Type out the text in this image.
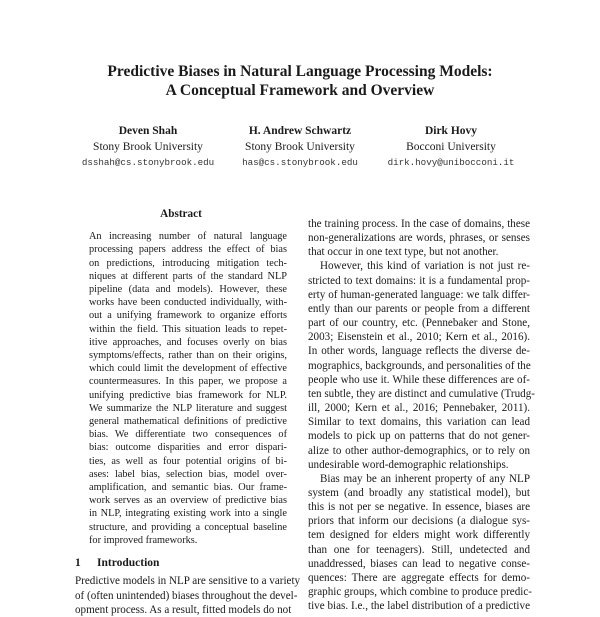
Predictive Biases in Natural Language Processing Models:
A Conceptual Framework and Overview
Deven Shah
Stony Brook University
dsshah@cs.stonybrook.edu
H. Andrew Schwartz
Stony Brook University
has@cs.stonybrook.edu
Dirk Hovy
Bocconi University
dirk.hovy@unibocconi.it
Abstract
An increasing number of natural language
processing papers address the effect of bias
on predictions, introducing mitigation tech-
niques at different parts of the standard NLP
pipeline (data and models). However, these
works have been conducted individually, with-
out a unifying framework to organize efforts
within the field. This situation leads to repet-
itive approaches, and focuses overly on bias
symptoms/effects, rather than on their origins,
which could limit the development of effective
countermeasures. In this paper, we propose a
unifying predictive bias framework for NLP.
We summarize the NLP literature and suggest
general mathematical definitions of predictive
bias. We differentiate two consequences of
bias: outcome disparities and error dispari-
ties, as well as four potential origins of bi-
ases: label bias, selection bias, model over-
amplification, and semantic bias. Our frame-
work serves as an overview of predictive bias
in NLP, integrating existing work into a single
structure, and providing a conceptual baseline
for improved frameworks.
1 Introduction
Predictive models in NLP are sensitive to a variety
of (often unintended) biases throughout the devel-
opment process. As a result, fitted models do not
the training process. In the case of domains, these
non-generalizations are words, phrases, or senses
that occur in one text type, but not another.
However, this kind of variation is not just re-
stricted to text domains: it is a fundamental prop-
erty of human-generated language: we talk differ-
ently than our parents or people from a different
part of our country, etc. (Pennebaker and Stone,
2003; Eisenstein et al., 2010; Kern et al., 2016).
In other words, language reflects the diverse de-
mographics, backgrounds, and personalities of the
people who use it. While these differences are of-
ten subtle, they are distinct and cumulative (Trudg-
ill, 2000; Kern et al., 2016; Pennebaker, 2011).
Similar to text domains, this variation can lead
models to pick up on patterns that do not gener-
alize to other author-demographics, or to rely on
undesirable word-demographic relationships.
Bias may be an inherent property of any NLP
system (and broadly any statistical model), but
this is not per se negative. In essence, biases are
priors that inform our decisions (a dialogue sys-
tem designed for elders might work differently
than one for teenagers). Still, undetected and
unaddressed, biases can lead to negative conse-
quences: There are aggregate effects for demo-
graphic groups, which combine to produce predic-
tive bias. I.e., the label distribution of a predictive
